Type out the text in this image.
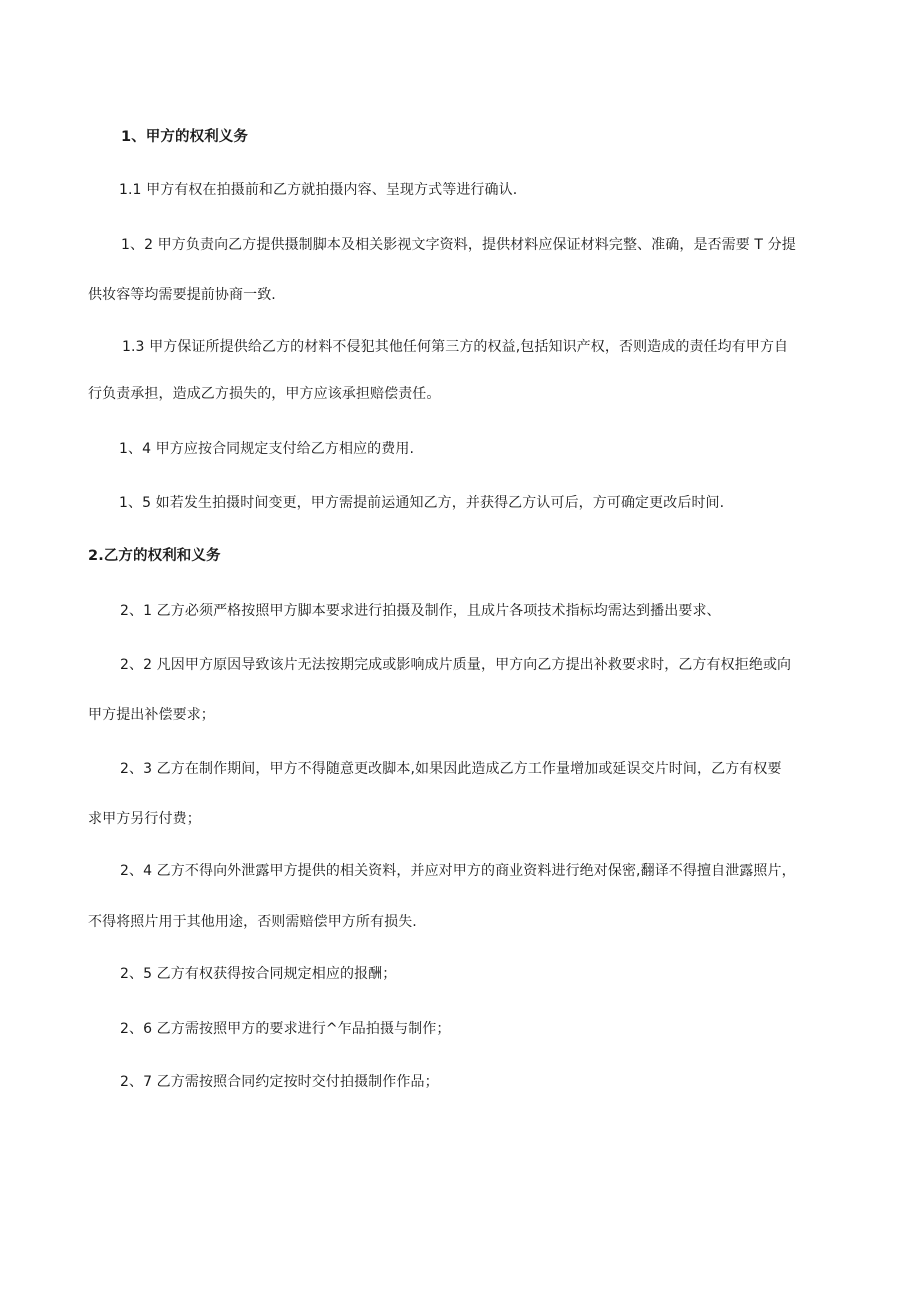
1、甲方的权利义务
1.1 甲方有权在拍摄前和乙方就拍摄内容、呈现方式等进行确认.
1、2 甲方负责向乙方提供摄制脚本及相关影视文字资料，提供材料应保证材料完整、准确，是否需要 T 分提
供妆容等均需要提前协商一致.
1.3 甲方保证所提供给乙方的材料不侵犯其他任何第三方的权益,包括知识产权，否则造成的责任均有甲方自
行负责承担，造成乙方损失的，甲方应该承担赔偿责任。
1、4 甲方应按合同规定支付给乙方相应的费用.
1、5 如若发生拍摄时间变更，甲方需提前运通知乙方，并获得乙方认可后，方可确定更改后时间.
2.乙方的权利和义务
2、1 乙方必须严格按照甲方脚本要求进行拍摄及制作，且成片各项技术指标均需达到播出要求、
2、2 凡因甲方原因导致该片无法按期完成或影响成片质量，甲方向乙方提出补救要求时，乙方有权拒绝或向
甲方提出补偿要求；
2、3 乙方在制作期间，甲方不得随意更改脚本,如果因此造成乙方工作量增加或延误交片时间，乙方有权要
求甲方另行付费；
2、4 乙方不得向外泄露甲方提供的相关资料，并应对甲方的商业资料进行绝对保密,翻译不得擅自泄露照片，
不得将照片用于其他用途，否则需赔偿甲方所有损失.
2、5 乙方有权获得按合同规定相应的报酬；
2、6 乙方需按照甲方的要求进行^乍品拍摄与制作；
2、7 乙方需按照合同约定按时交付拍摄制作作品；
